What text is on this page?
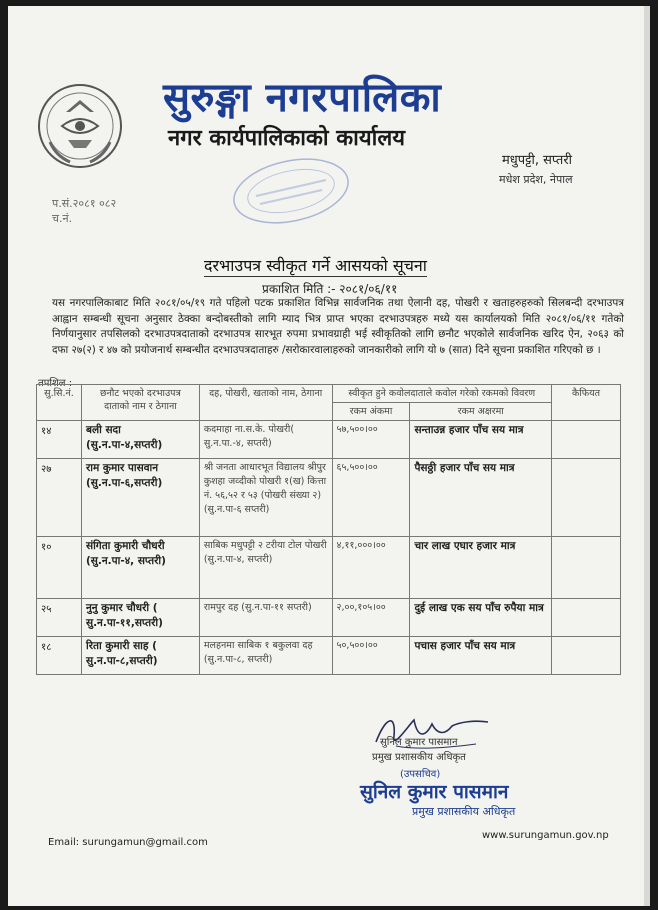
सुरुङ्गा नगरपालिका
नगर कार्यपालिकाको कार्यालय
मधुपट्टी, सप्तरी
मधेश प्रदेश, नेपाल
प.सं.२०८१ ०८२
च.नं.
दरभाउपत्र स्वीकृत गर्ने आसयको सूचना
प्रकाशित मिति :- २०८१/०६/११
यस नगरपालिकाबाट मिति २०८१/०५/१९ गते पहिलो पटक प्रकाशित विभिन्न सार्वजनिक तथा ऐलानी दह, पोखरी र खताहरुहरुको सिलबन्दी दरभाउपत्र आह्वान सम्बन्धी सूचना अनुसार ठेक्का बन्दोबस्तीको लागि म्याद भित्र प्राप्त भएका दरभाउपत्रहरु मध्ये यस कार्यालयको मिति २०८१/०६/११ गतेको निर्णयानुसार तपसिलको दरभाउपत्रदाताको दरभाउपत्र सारभूत रुपमा प्रभावग्राही भई स्वीकृतिको लागि छनौट भएकोले सार्वजनिक खरिद ऐन, २०६३ को दफा २७(२) र ४७ को प्रयोजनार्थ सम्बन्धीत दरभाउपत्रदाताहरु /सरोकारवालाहरुको जानकारीको लागि यो ७ (सात) दिने सूचना प्रकाशित गरिएको छ ।
तपशिल :
सु.सि.नं.	छनौट भएको दरभाउपत्र दाताको नाम र ठेगाना	दह, पोखरी, खताको नाम, ठेगाना	स्वीकृत हुने कवोलदाताले कवोल गरेको रकमको विवरण		कैफियत
			रकम अंकमा	रकम अक्षरमा	
१४	बली सदा (सु.न.पा-४,सप्तरी)	कदमाहा ना.स.के. पोखरी( सु.न.पा.-४, सप्तरी)	५७,५००।००	सन्ताउन्न हजार पाँच सय मात्र	
२७	राम कुमार पासवान (सु.न.पा-६,सप्तरी)	श्री जनता आधारभूत विद्यालय श्रीपुर कुशहा जव्दीको पोखरी १(ख) कित्ता नं. ५६,५२ र ५३ (पोखरी संख्या २) (सु.न.पा-६ सप्तरी)	६५,५००।००	पैसठ्ठी हजार पाँच सय मात्र	
१०	संगिता कुमारी चौधरी (सु.न.पा-४, सप्तरी)	साबिक मधुपट्टी २ टरीया टोल पोखरी (सु.न.पा-४, सप्तरी)	४,११,०००।००	चार लाख एघार हजार मात्र	
२५	नुनु कुमार चौधरी ( सु.न.पा-११,सप्तरी)	रामपुर दह (सु.न.पा-११ सप्तरी)	२,००,१०५।००	दुई लाख एक सय पाँच रुपैया मात्र	
१८	रिता कुमारी साह ( सु.न.पा-८,सप्तरी)	मलहनमा साबिक १ बकुलवा दह (सु.न.पा-८, सप्तरी)	५०,५००।००	पचास हजार पाँच सय मात्र	
सुनिल कुमार पासमान
प्रमुख प्रशासकीय अधिकृत
(उपसचिव)
सुनिल कुमार पासमान
प्रमुख प्रशासकीय अधिकृत
Email: surungamun@gmail.com
www.surungamun.gov.np
